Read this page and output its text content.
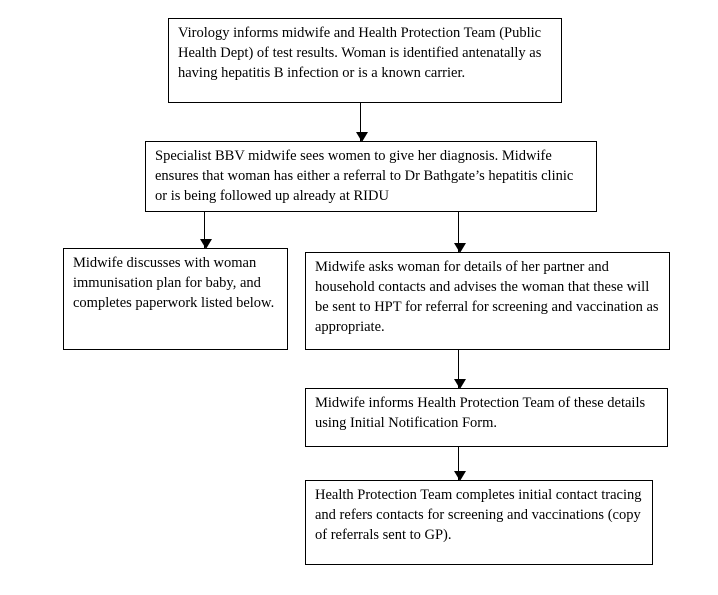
Virology informs midwife and Health Protection Team (Public Health Dept) of test results. Woman is identified antenatally as having hepatitis B infection or is a known carrier.
Specialist BBV midwife sees women to give her diagnosis. Midwife ensures that woman has either a referral to Dr Bathgate’s hepatitis clinic or is being followed up already at RIDU
Midwife discusses with woman immunisation plan for baby, and completes paperwork listed below.
Midwife asks woman for details of her partner and household contacts and advises the woman that these will be sent to HPT for referral for screening and vaccination as appropriate.
Midwife informs Health Protection Team of these details using Initial Notification Form.
Health Protection Team completes initial contact tracing and refers contacts for screening and vaccinations (copy of referrals sent to GP).
